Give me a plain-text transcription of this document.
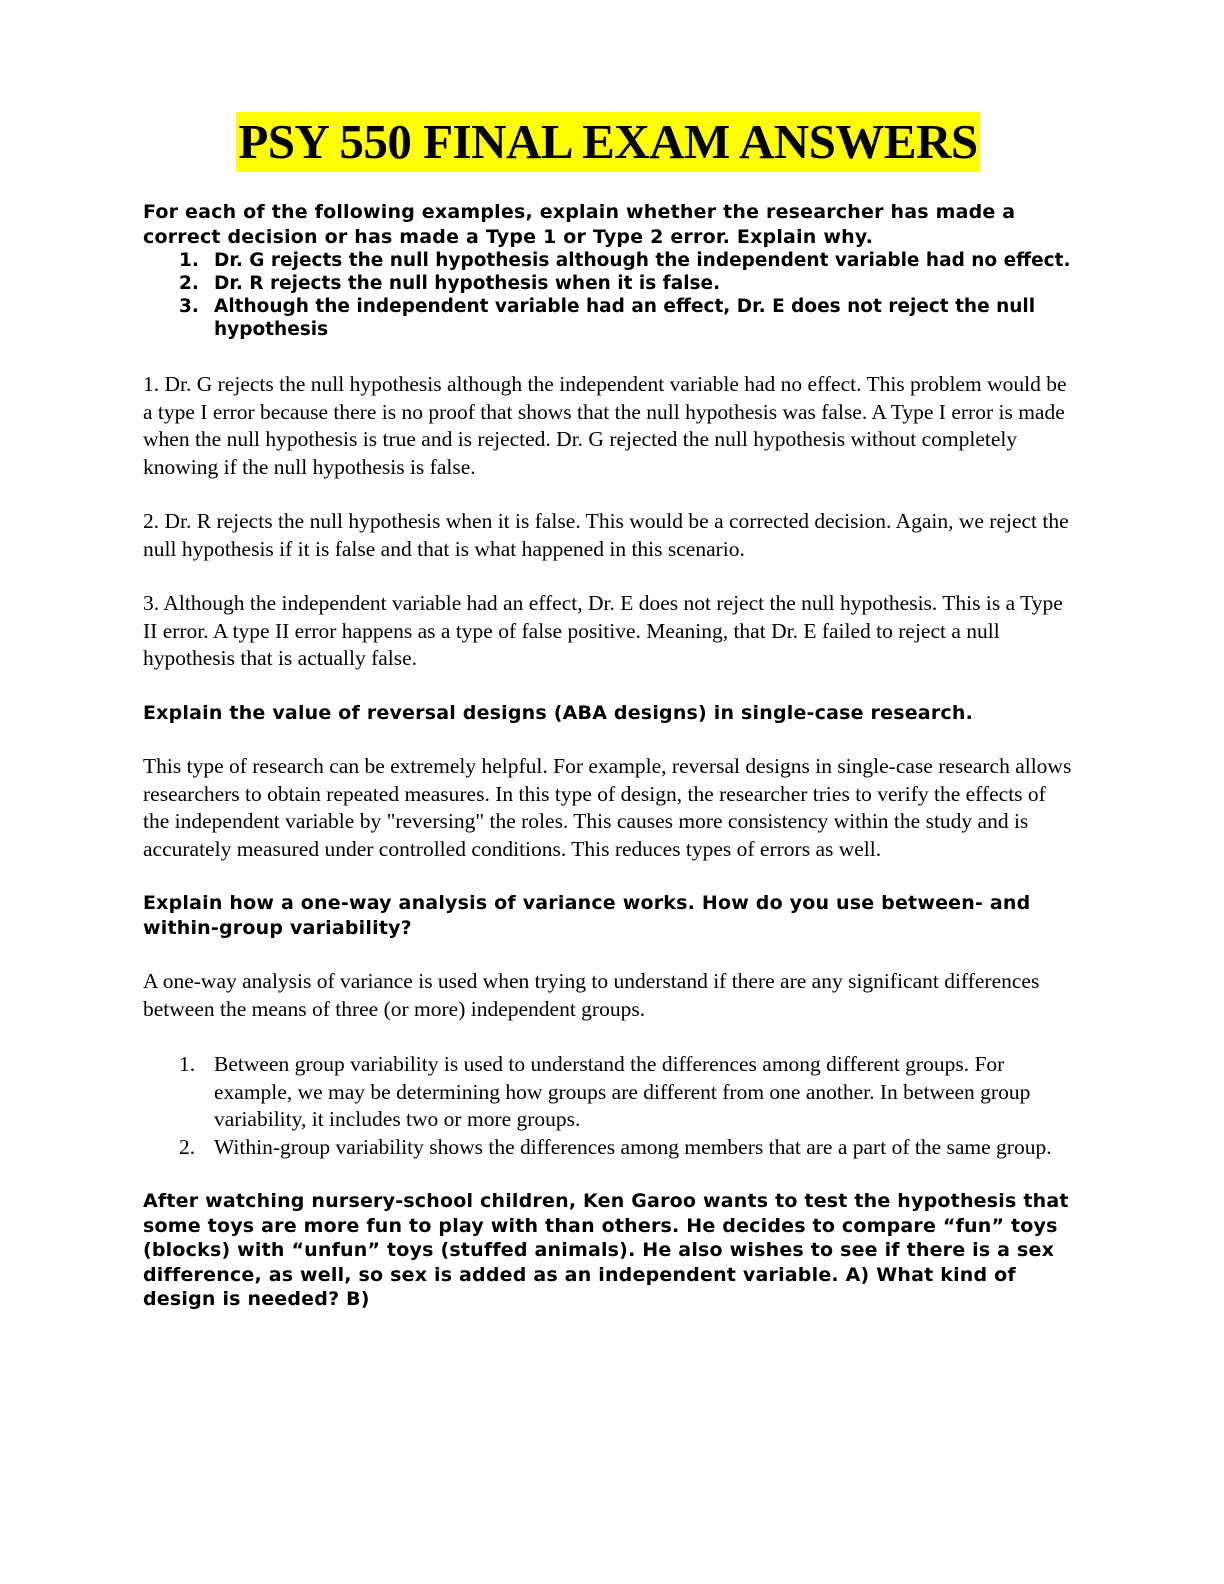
PSY 550 FINAL EXAM ANSWERS

For each of the following examples, explain whether the researcher has made a correct decision or has made a Type 1 or Type 2 error. Explain why.

1. Dr. G rejects the null hypothesis although the independent variable had no effect.
2. Dr. R rejects the null hypothesis when it is false.
3. Although the independent variable had an effect, Dr. E does not reject the null hypothesis

1. Dr. G rejects the null hypothesis although the independent variable had no effect. This problem would be a type I error because there is no proof that shows that the null hypothesis was false. A Type I error is made when the null hypothesis is true and is rejected. Dr. G rejected the null hypothesis without completely knowing if the null hypothesis is false.

2. Dr. R rejects the null hypothesis when it is false. This would be a corrected decision. Again, we reject the null hypothesis if it is false and that is what happened in this scenario.

3. Although the independent variable had an effect, Dr. E does not reject the null hypothesis. This is a Type II error. A type II error happens as a type of false positive. Meaning, that Dr. E failed to reject a null hypothesis that is actually false.

Explain the value of reversal designs (ABA designs) in single-case research.

This type of research can be extremely helpful. For example, reversal designs in single-case research allows researchers to obtain repeated measures. In this type of design, the researcher tries to verify the effects of the independent variable by "reversing" the roles. This causes more consistency within the study and is accurately measured under controlled conditions. This reduces types of errors as well.

Explain how a one-way analysis of variance works. How do you use between- and within-group variability?

A one-way analysis of variance is used when trying to understand if there are any significant differences between the means of three (or more) independent groups.

1. Between group variability is used to understand the differences among different groups. For example, we may be determining how groups are different from one another. In between group variability, it includes two or more groups.
2. Within-group variability shows the differences among members that are a part of the same group.

After watching nursery-school children, Ken Garoo wants to test the hypothesis that some toys are more fun to play with than others. He decides to compare “fun” toys (blocks) with “unfun” toys (stuffed animals). He also wishes to see if there is a sex difference, as well, so sex is added as an independent variable. A) What kind of design is needed? B)
